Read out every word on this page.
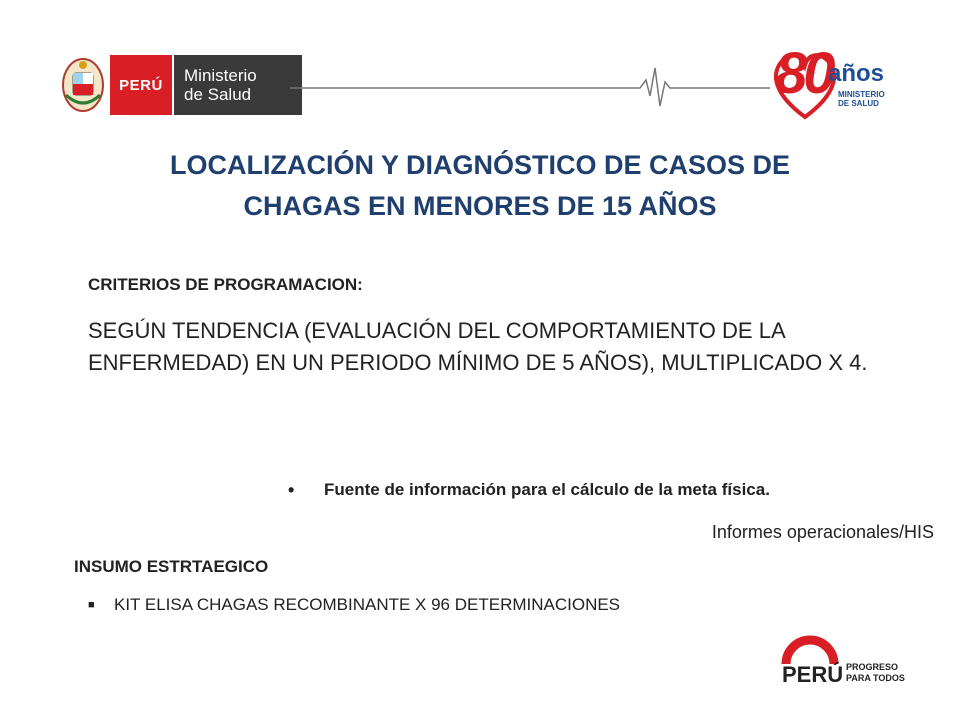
PERÚ	Ministerio
de Salud	80
años
MINISTERIO
DE SALUD
LOCALIZACIÓN Y DIAGNÓSTICO DE CASOS DE
CHAGAS EN MENORES DE 15 AÑOS
CRITERIOS DE PROGRAMACION:
SEGÚN TENDENCIA (EVALUACIÓN DEL COMPORTAMIENTO DE LA ENFERMEDAD) EN UN PERIODO MÍNIMO DE 5 AÑOS), MULTIPLICADO X 4.
•	Fuente de información para el cálculo de la meta física.
Informes operacionales/HIS
INSUMO ESTRTAEGICO
■	KIT ELISA CHAGAS RECOMBINANTE X 96 DETERMINACIONES
PERÚ PROGRESO
PARA TODOS
